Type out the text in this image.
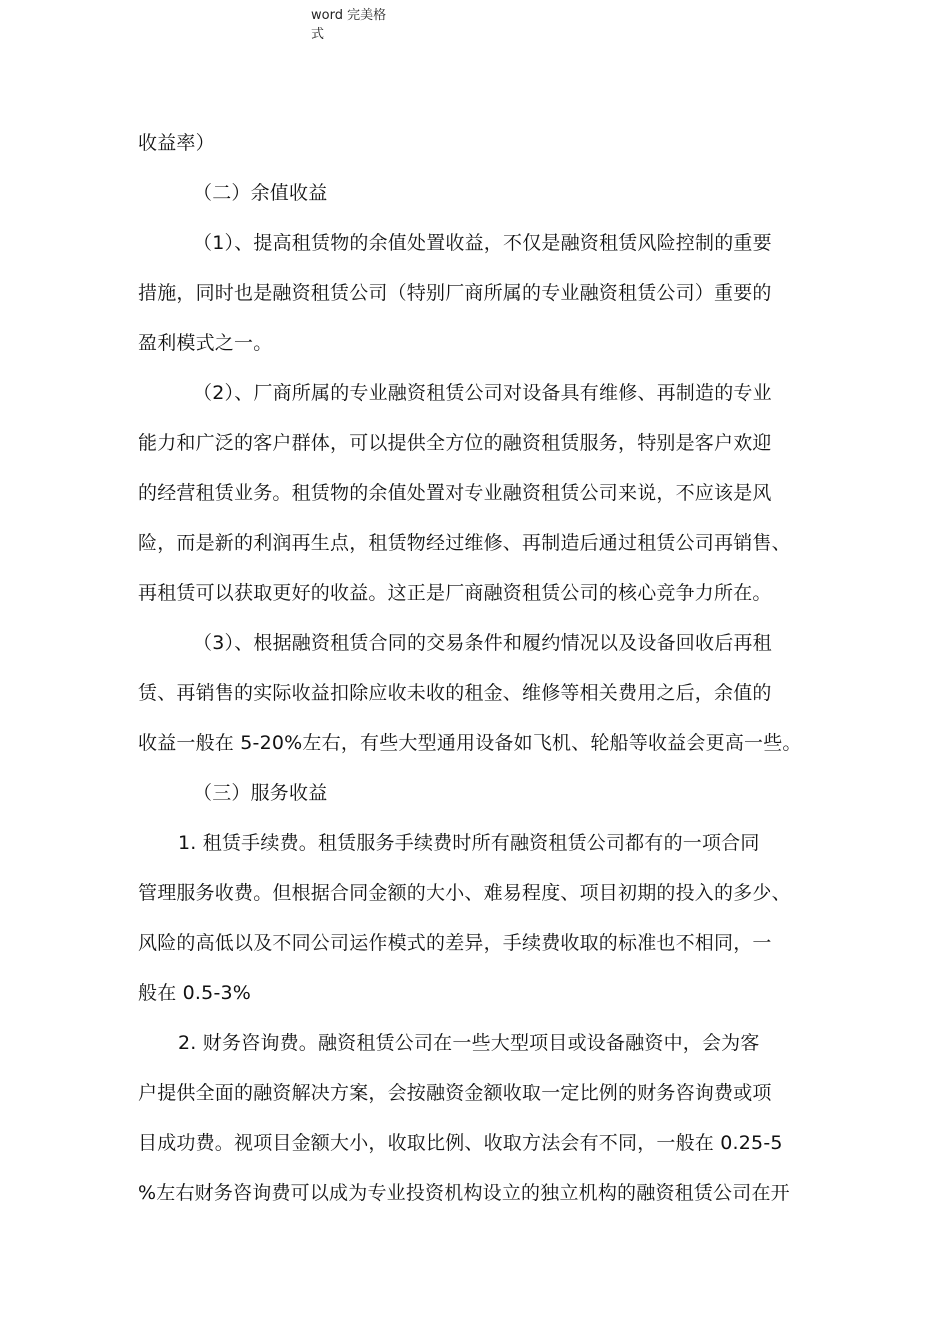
word 完美格
式
收益率）
（二）余值收益
（1）、提高租赁物的余值处置收益，不仅是融资租赁风险控制的重要
措施，同时也是融资租赁公司（特别厂商所属的专业融资租赁公司）重要的
盈利模式之一。
（2）、厂商所属的专业融资租赁公司对设备具有维修、再制造的专业
能力和广泛的客户群体，可以提供全方位的融资租赁服务，特别是客户欢迎
的经营租赁业务。租赁物的余值处置对专业融资租赁公司来说，不应该是风
险，而是新的利润再生点，租赁物经过维修、再制造后通过租赁公司再销售、
再租赁可以获取更好的收益。这正是厂商融资租赁公司的核心竞争力所在。
（3）、根据融资租赁合同的交易条件和履约情况以及设备回收后再租
赁、再销售的实际收益扣除应收未收的租金、维修等相关费用之后，余值的
收益一般在 5-20%左右，有些大型通用设备如飞机、轮船等收益会更高一些。
（三）服务收益
1. 租赁手续费。租赁服务手续费时所有融资租赁公司都有的一项合同
管理服务收费。但根据合同金额的大小、难易程度、项目初期的投入的多少、
风险的高低以及不同公司运作模式的差异，手续费收取的标准也不相同，一
般在 0.5-3%
2. 财务咨询费。融资租赁公司在一些大型项目或设备融资中，会为客
户提供全面的融资解决方案，会按融资金额收取一定比例的财务咨询费或项
目成功费。视项目金额大小，收取比例、收取方法会有不同，一般在 0.25-5
%左右财务咨询费可以成为专业投资机构设立的独立机构的融资租赁公司在开
